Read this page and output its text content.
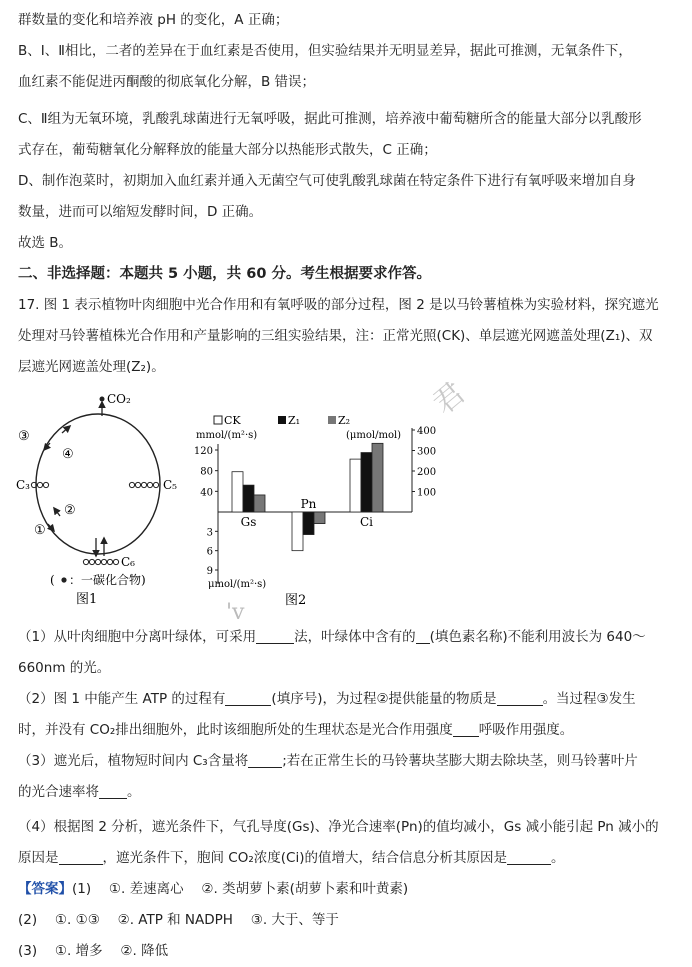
群数量的变化和培养液 pH 的变化，A 正确；
B、Ⅰ、Ⅱ相比，二者的差异在于血红素是否使用，但实验结果并无明显差异，据此可推测，无氧条件下，
血红素不能促进丙酮酸的彻底氧化分解，B 错误；
C、Ⅱ组为无氧环境，乳酸乳球菌进行无氧呼吸，据此可推测，培养液中葡萄糖所含的能量大部分以乳酸形
式存在，葡萄糖氧化分解释放的能量大部分以热能形式散失，C 正确；
D、制作泡菜时，初期加入血红素并通入无菌空气可使乳酸乳球菌在特定条件下进行有氧呼吸来增加自身
数量，进而可以缩短发酵时间，D 正确。
故选 B。
二、非选择题：本题共 5 小题，共 60 分。考生根据要求作答。
17. 图 1 表示植物叶肉细胞中光合作用和有氧呼吸的部分过程，图 2 是以马铃薯植株为实验材料，探究遮光
处理对马铃薯植株光合作用和产量影响的三组实验结果，注：正常光照(CK)、单层遮光网遮盖处理(Z₁)、双
层遮光网遮盖处理(Z₂)。
君
'v
CO₂
C₃	C₅
C₆
③
④
①
②
( ：一碳化合物)
图1
CK	Z₁	Z₂
mmol/(m²·s)	(μmol/mol)
μmol/(m²·s)
图2
40
80
120
3
6
9
100
200
300
400
Gs
Pn
Ci
（1）从叶肉细胞中分离叶绿体，可采用	法，叶绿体中含有的 (填色素名称)不能利用波长为 640～
660nm 的光。
（2）图 1 中能产生 ATP 的过程有	(填序号)，为过程②提供能量的物质是	。当过程③发生
时，并没有 CO₂排出细胞外，此时该细胞所处的生理状态是光合作用强度 呼吸作用强度。
（3）遮光后，植物短时间内 C₃含量将	;若在正常生长的马铃薯块茎膨大期去除块茎，则马铃薯叶片
的光合速率将 。
（4）根据图 2 分析，遮光条件下，气孔导度(Gs)、净光合速率(Pn)的值均减小，Gs 减小能引起 Pn 减小的
原因是	，遮光条件下，胞间 CO₂浓度(Ci)的值增大，结合信息分析其原因是	。
【答案】(1)　 ①. 差速离心　 ②. 类胡萝卜素(胡萝卜素和叶黄素)
(2)　 ①. ①③　 ②. ATP 和 NADPH　 ③. 大于、等于
(3)　 ①. 增多　 ②. 降低
